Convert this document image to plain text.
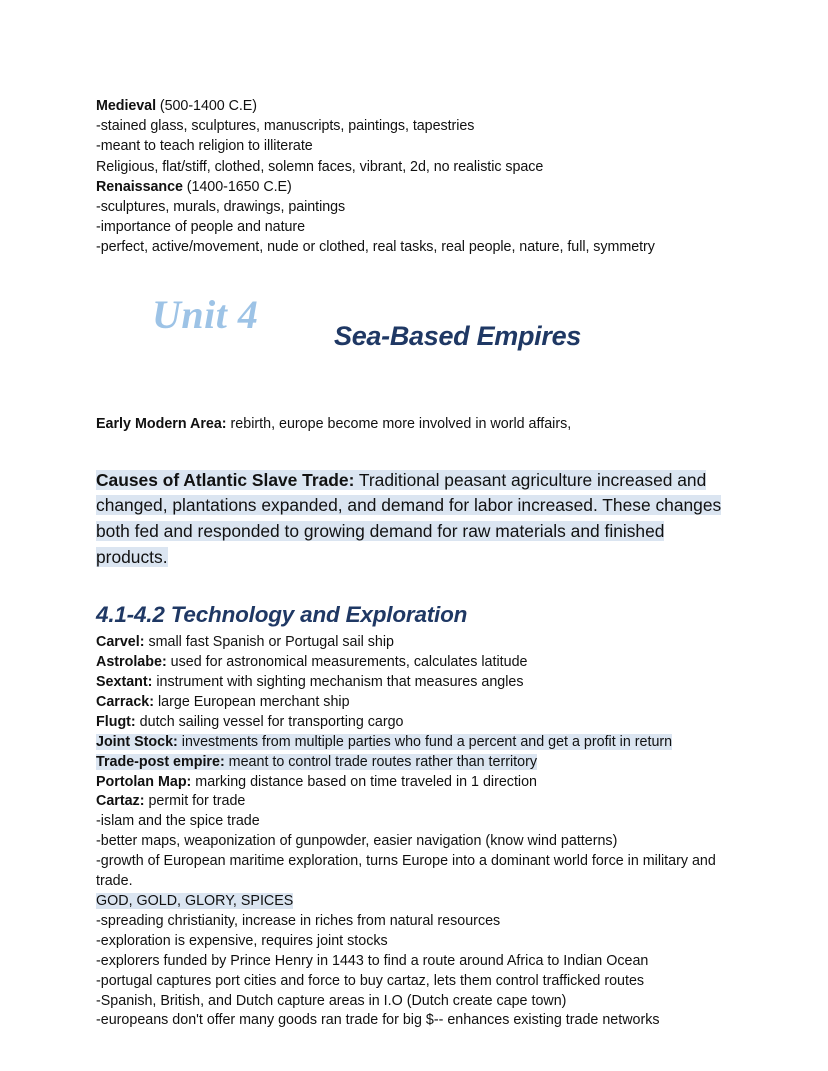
Medieval (500-1400 C.E)
-stained glass, sculptures, manuscripts, paintings, tapestries
-meant to teach religion to illiterate
Religious, flat/stiff, clothed, solemn faces, vibrant, 2d, no realistic space
Renaissance (1400-1650 C.E)
-sculptures, murals, drawings, paintings
-importance of people and nature
-perfect, active/movement, nude or clothed, real tasks, real people, nature, full, symmetry
Unit 4	Sea-Based Empires
Early Modern Area: rebirth, europe become more involved in world affairs,
Causes of Atlantic Slave Trade: Traditional peasant agriculture increased and changed, plantations expanded, and demand for labor increased. These changes both fed and responded to growing demand for raw materials and finished products.
4.1-4.2 Technology and Exploration
Carvel: small fast Spanish or Portugal sail ship
Astrolabe: used for astronomical measurements, calculates latitude
Sextant: instrument with sighting mechanism that measures angles
Carrack: large European merchant ship
Flugt: dutch sailing vessel for transporting cargo
Joint Stock: investments from multiple parties who fund a percent and get a profit in return
Trade-post empire: meant to control trade routes rather than territory
Portolan Map: marking distance based on time traveled in 1 direction
Cartaz: permit for trade
-islam and the spice trade
-better maps, weaponization of gunpowder, easier navigation (know wind patterns)
-growth of European maritime exploration, turns Europe into a dominant world force in military and trade.
GOD, GOLD, GLORY, SPICES
-spreading christianity, increase in riches from natural resources
-exploration is expensive, requires joint stocks
-explorers funded by Prince Henry in 1443 to find a route around Africa to Indian Ocean
-portugal captures port cities and force to buy cartaz, lets them control trafficked routes
-Spanish, British, and Dutch capture areas in I.O (Dutch create cape town)
-europeans don't offer many goods ran trade for big $-- enhances existing trade networks
